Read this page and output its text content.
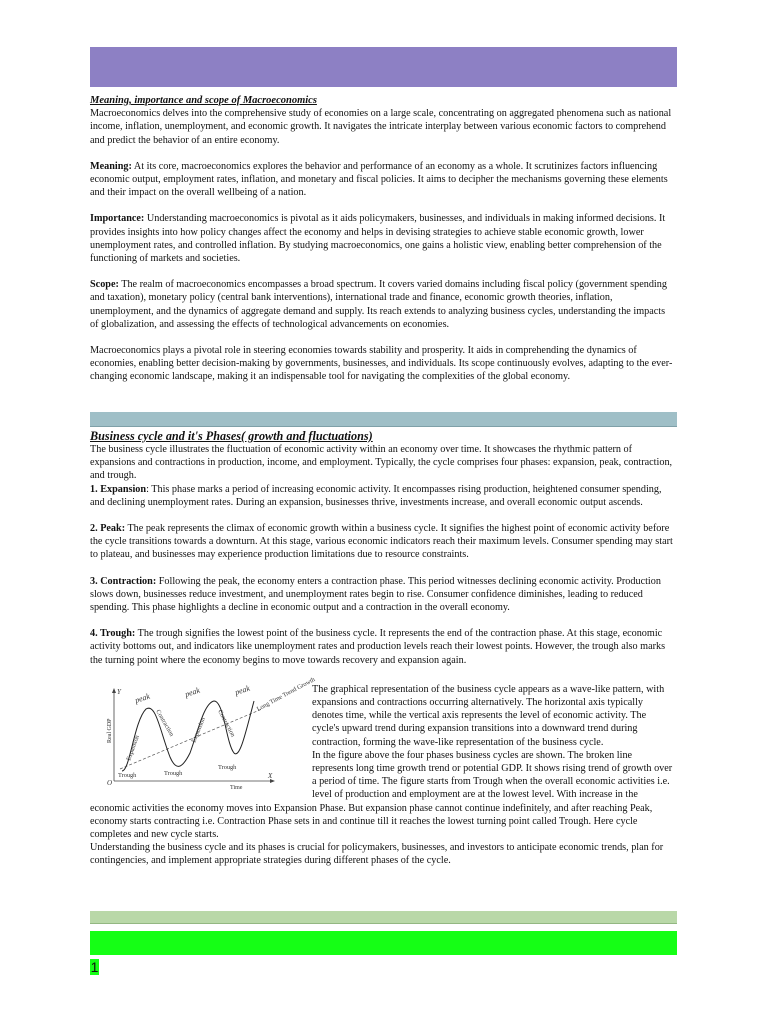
Meaning, importance and scope of Macroeconomics

Macroeconomics delves into the comprehensive study of economies on a large scale, concentrating on aggregated phenomena such as national income, inflation, unemployment, and economic growth. It navigates the intricate interplay between various economic factors to comprehend and predict the behavior of an entire economy.

Meaning: At its core, macroeconomics explores the behavior and performance of an economy as a whole. It scrutinizes factors influencing economic output, employment rates, inflation, and monetary and fiscal policies. It aims to decipher the mechanisms governing these elements and their impact on the overall wellbeing of a nation.

Importance: Understanding macroeconomics is pivotal as it aids policymakers, businesses, and individuals in making informed decisions. It provides insights into how policy changes affect the economy and helps in devising strategies to achieve stable economic growth, lower unemployment rates, and controlled inflation. By studying macroeconomics, one gains a holistic view, enabling better comprehension of the functioning of markets and societies.

Scope: The realm of macroeconomics encompasses a broad spectrum. It covers varied domains including fiscal policy (government spending and taxation), monetary policy (central bank interventions), international trade and finance, economic growth theories, inflation, unemployment, and the dynamics of aggregate demand and supply. Its reach extends to analyzing business cycles, understanding the impacts of globalization, and assessing the effects of technological advancements on economies.

Macroeconomics plays a pivotal role in steering economies towards stability and prosperity. It aids in comprehending the dynamics of economies, enabling better decision-making by governments, businesses, and individuals. Its scope continuously evolves, adapting to the ever-changing economic landscape, making it an indispensable tool for navigating the complexities of the global economy.

Business cycle and it's Phases( growth and fluctuations)

The business cycle illustrates the fluctuation of economic activity within an economy over time. It showcases the rhythmic pattern of expansions and contractions in production, income, and employment. Typically, the cycle comprises four phases: expansion, peak, contraction, and trough.

1. Expansion: This phase marks a period of increasing economic activity. It encompasses rising production, heightened consumer spending, and declining unemployment rates. During an expansion, businesses thrive, investments increase, and overall economic output ascends.

2. Peak: The peak represents the climax of economic growth within a business cycle. It signifies the highest point of economic activity before the cycle transitions towards a downturn. At this stage, various economic indicators reach their maximum levels. Consumer spending may start to plateau, and businesses may experience production limitations due to resource constraints.

3. Contraction: Following the peak, the economy enters a contraction phase. This period witnesses declining economic activity. Production slows down, businesses reduce investment, and unemployment rates begin to rise. Consumer confidence diminishes, leading to reduced spending. This phase highlights a decline in economic output and a contraction in the overall economy.

4. Trough: The trough signifies the lowest point of the business cycle. It represents the end of the contraction phase. At this stage, economic activity bottoms out, and indicators like unemployment rates and production levels reach their lowest points. However, the trough also marks the turning point where the economy begins to move towards recovery and expansion again.

O
Y
X
Time
Real GDP
peak	peak	peak
Expansion
Contraction Expansion Contraction
Trough	Trough
Trough
Long Time Trend Growth

The graphical representation of the business cycle appears as a wave-like pattern, with expansions and contractions occurring alternatively. The horizontal axis typically denotes time, while the vertical axis represents the level of economic activity. The cycle's upward trend during expansion transitions into a downward trend during contraction, forming the wave-like representation of the business cycle.

In the figure above the four phases business cycles are shown. The broken line represents long time growth trend or potential GDP. It shows rising trend of growth over a period of time. The figure starts from Trough when the overall economic activities i.e. level of production and employment are at the lowest level. With increase in the economic activities the economy moves into Expansion Phase. But expansion phase cannot continue indefinitely, and after reaching Peak, economy starts contracting i.e. Contraction Phase sets in and continue till it reaches the lowest turning point called Trough. Here cycle completes and new cycle starts.

Understanding the business cycle and its phases is crucial for policymakers, businesses, and investors to anticipate economic trends, plan for contingencies, and implement appropriate strategies during different phases of the cycle.

1
